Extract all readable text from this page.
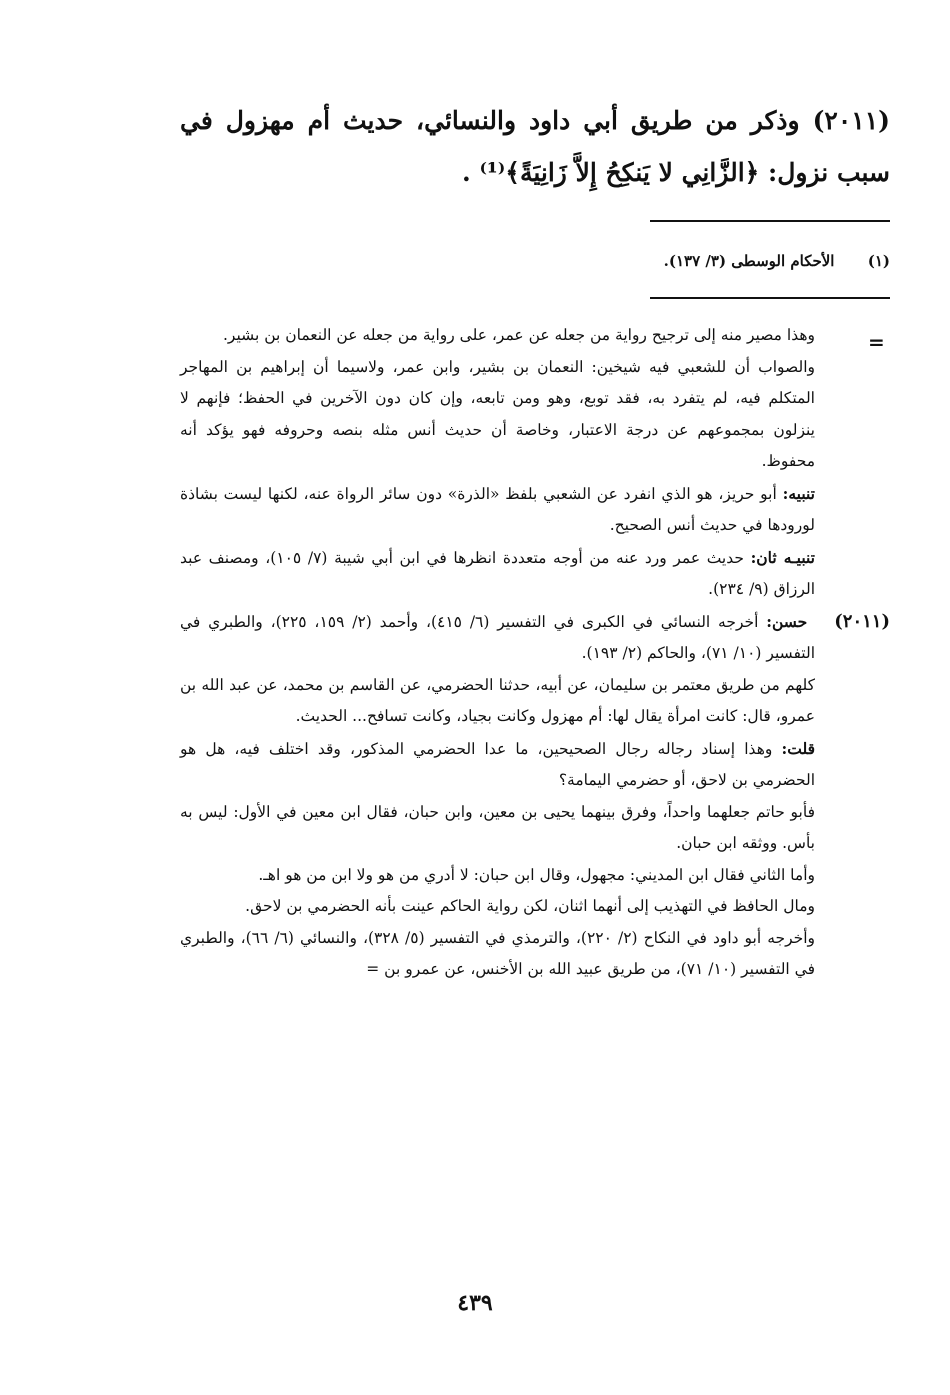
(٢٠١١) وذكر من طريق أبي داود والنسائي، حديث أم مهزول في سبب نزول: ﴿الزَّانِي لا يَنكِحُ إِلاَّ زَانِيَةً﴾⁽¹⁾ .
(١) الأحكام الوسطى (٣/ ١٣٧).
=

وهذا مصير منه إلى ترجيح رواية من جعله عن عمر، على رواية من جعله عن النعمان بن بشير.

والصواب أن للشعبي فيه شيخين: النعمان بن بشير، وابن عمر، ولاسيما أن إبراهيم بن المهاجر المتكلم فيه، لم يتفرد به، فقد توبع، وهو ومن تابعه، وإن كان دون الآخرين في الحفظ؛ فإنهم لا ينزلون بمجموعهم عن درجة الاعتبار، وخاصة أن حديث أنس مثله بنصه وحروفه فهو يؤكد أنه محفوظ.

تنبيه: أبو حريز، هو الذي انفرد عن الشعبي بلفظ «الذرة» دون سائر الرواة عنه، لكنها ليست بشاذة لورودها في حديث أنس الصحيح.

تنبيـه ثان: حديث عمر ورد عنه من أوجه متعددة انظرها في ابن أبي شيبة (٧/ ١٠٥)، ومصنف عبد الرزاق (٩/ ٢٣٤).

(٢٠١١) حسن: أخرجه النسائي في الكبرى في التفسير (٦/ ٤١٥)، وأحمد (٢/ ١٥٩، ٢٢٥)، والطبري في التفسير (١٠/ ٧١)، والحاكم (٢/ ١٩٣).

كلهم من طريق معتمر بن سليمان، عن أبيه، حدثنا الحضرمي، عن القاسم بن محمد، عن عبد الله بن عمرو، قال: كانت امرأة يقال لها: أم مهزول وكانت بجياد، وكانت تسافح... الحديث.

قلت: وهذا إسناد رجاله رجال الصحيحين، ما عدا الحضرمي المذكور، وقد اختلف فيه، هل هو الحضرمي بن لاحق، أو حضرمي اليمامة؟

فأبو حاتم جعلهما واحداً، وفرق بينهما يحيى بن معين، وابن حبان، فقال ابن معين في الأول: ليس به بأس. ووثقه ابن حبان.

وأما الثاني فقال ابن المديني: مجهول، وقال ابن حبان: لا أدري من هو ولا ابن من هو اهـ.

ومال الحافظ في التهذيب إلى أنهما اثنان، لكن رواية الحاكم عينت بأنه الحضرمي بن لاحق.

وأخرجه أبو داود في النكاح (٢/ ٢٢٠)، والترمذي في التفسير (٥/ ٣٢٨)، والنسائي (٦/ ٦٦)، والطبري في التفسير (١٠/ ٧١)، من طريق عبيد الله بن الأخنس، عن عمرو بن =

٤٣٩
